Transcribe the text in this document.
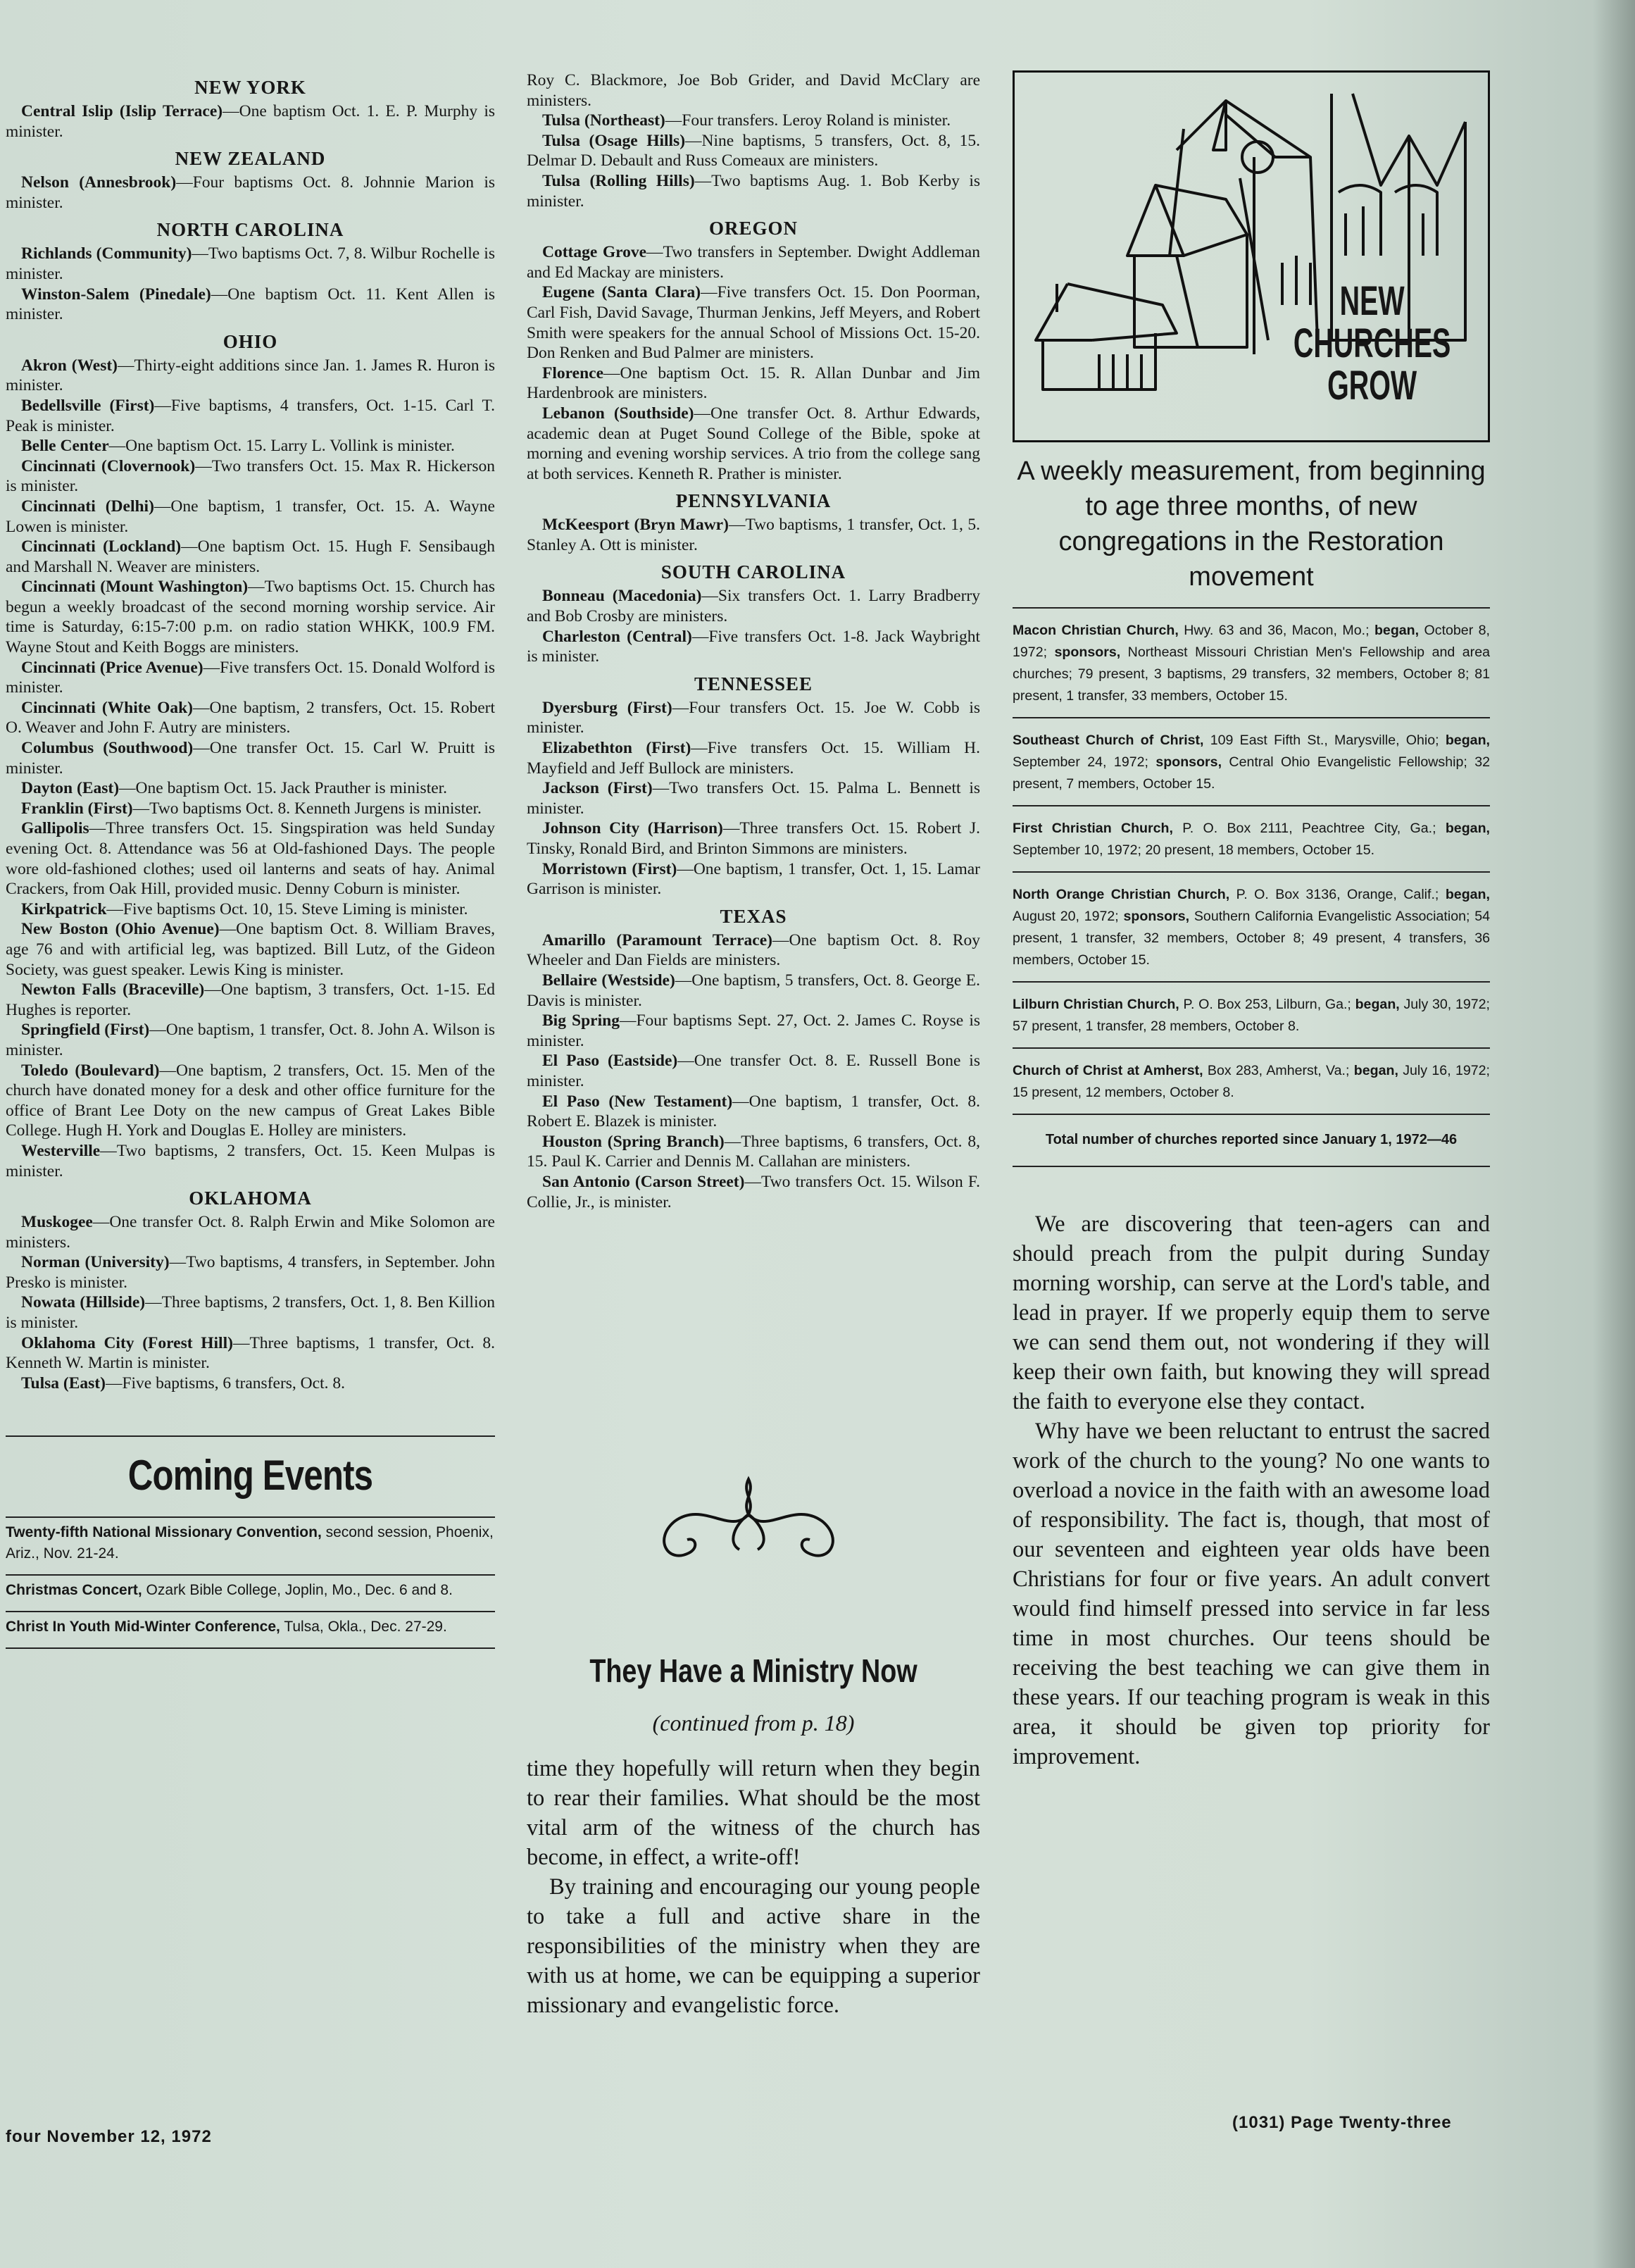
NEW YORK

Central Islip (Islip Terrace)—One baptism Oct. 1. E. P. Murphy is minister.

NEW ZEALAND

Nelson (Annesbrook)—Four baptisms Oct. 8. Johnnie Marion is minister.

NORTH CAROLINA

Richlands (Community)—Two baptisms Oct. 7, 8. Wilbur Rochelle is minister.

Winston-Salem (Pinedale)—One baptism Oct. 11. Kent Allen is minister.

OHIO

Akron (West)—Thirty-eight additions since Jan. 1. James R. Huron is minister.

Bedellsville (First)—Five baptisms, 4 transfers, Oct. 1-15. Carl T. Peak is minister.

Belle Center—One baptism Oct. 15. Larry L. Vollink is minister.

Cincinnati (Clovernook)—Two transfers Oct. 15. Max R. Hickerson is minister.

Cincinnati (Delhi)—One baptism, 1 transfer, Oct. 15. A. Wayne Lowen is minister.

Cincinnati (Lockland)—One baptism Oct. 15. Hugh F. Sensibaugh and Marshall N. Weaver are ministers.

Cincinnati (Mount Washington)—Two baptisms Oct. 15. Church has begun a weekly broadcast of the second morning worship service. Air time is Saturday, 6:15-7:00 p.m. on radio station WHKK, 100.9 FM. Wayne Stout and Keith Boggs are ministers.

Cincinnati (Price Avenue)—Five transfers Oct. 15. Donald Wolford is minister.

Cincinnati (White Oak)—One baptism, 2 transfers, Oct. 15. Robert O. Weaver and John F. Autry are ministers.

Columbus (Southwood)—One transfer Oct. 15. Carl W. Pruitt is minister.

Dayton (East)—One baptism Oct. 15. Jack Prauther is minister.

Franklin (First)—Two baptisms Oct. 8. Kenneth Jurgens is minister.

Gallipolis—Three transfers Oct. 15. Singspiration was held Sunday evening Oct. 8. Attendance was 56 at Old-fashioned Days. The people wore old-fashioned clothes; used oil lanterns and seats of hay. Animal Crackers, from Oak Hill, provided music. Denny Coburn is minister.

Kirkpatrick—Five baptisms Oct. 10, 15. Steve Liming is minister.

New Boston (Ohio Avenue)—One baptism Oct. 8. William Braves, age 76 and with artificial leg, was baptized. Bill Lutz, of the Gideon Society, was guest speaker. Lewis King is minister.

Newton Falls (Braceville)—One baptism, 3 transfers, Oct. 1-15. Ed Hughes is reporter.

Springfield (First)—One baptism, 1 transfer, Oct. 8. John A. Wilson is minister.

Toledo (Boulevard)—One baptism, 2 transfers, Oct. 15. Men of the church have donated money for a desk and other office furniture for the office of Brant Lee Doty on the new campus of Great Lakes Bible College. Hugh H. York and Douglas E. Holley are ministers.

Westerville—Two baptisms, 2 transfers, Oct. 15. Keen Mulpas is minister.

OKLAHOMA

Muskogee—One transfer Oct. 8. Ralph Erwin and Mike Solomon are ministers.

Norman (University)—Two baptisms, 4 transfers, in September. John Presko is minister.

Nowata (Hillside)—Three baptisms, 2 transfers, Oct. 1, 8. Ben Killion is minister.

Oklahoma City (Forest Hill)—Three baptisms, 1 transfer, Oct. 8. Kenneth W. Martin is minister.

Tulsa (East)—Five baptisms, 6 transfers, Oct. 8.

Coming Events

Twenty-fifth National Missionary Convention, second session, Phoenix, Ariz., Nov. 21-24.

Christmas Concert, Ozark Bible College, Joplin, Mo., Dec. 6 and 8.

Christ In Youth Mid-Winter Conference, Tulsa, Okla., Dec. 27-29.

Roy C. Blackmore, Joe Bob Grider, and David McClary are ministers.

Tulsa (Northeast)—Four transfers. Leroy Roland is minister.

Tulsa (Osage Hills)—Nine baptisms, 5 transfers, Oct. 8, 15. Delmar D. Debault and Russ Comeaux are ministers.

Tulsa (Rolling Hills)—Two baptisms Aug. 1. Bob Kerby is minister.

OREGON

Cottage Grove—Two transfers in September. Dwight Addleman and Ed Mackay are ministers.

Eugene (Santa Clara)—Five transfers Oct. 15. Don Poorman, Carl Fish, David Savage, Thurman Jenkins, Jeff Meyers, and Robert Smith were speakers for the annual School of Missions Oct. 15-20. Don Renken and Bud Palmer are ministers.

Florence—One baptism Oct. 15. R. Allan Dunbar and Jim Hardenbrook are ministers.

Lebanon (Southside)—One transfer Oct. 8. Arthur Edwards, academic dean at Puget Sound College of the Bible, spoke at morning and evening worship services. A trio from the college sang at both services. Kenneth R. Prather is minister.

PENNSYLVANIA

McKeesport (Bryn Mawr)—Two baptisms, 1 transfer, Oct. 1, 5. Stanley A. Ott is minister.

SOUTH CAROLINA

Bonneau (Macedonia)—Six transfers Oct. 1. Larry Bradberry and Bob Crosby are ministers.

Charleston (Central)—Five transfers Oct. 1-8. Jack Waybright is minister.

TENNESSEE

Dyersburg (First)—Four transfers Oct. 15. Joe W. Cobb is minister.

Elizabethton (First)—Five transfers Oct. 15. William H. Mayfield and Jeff Bullock are ministers.

Jackson (First)—Two transfers Oct. 15. Palma L. Bennett is minister.

Johnson City (Harrison)—Three transfers Oct. 15. Robert J. Tinsky, Ronald Bird, and Brinton Simmons are ministers.

Morristown (First)—One baptism, 1 transfer, Oct. 1, 15. Lamar Garrison is minister.

TEXAS

Amarillo (Paramount Terrace)—One baptism Oct. 8. Roy Wheeler and Dan Fields are ministers.

Bellaire (Westside)—One baptism, 5 transfers, Oct. 8. George E. Davis is minister.

Big Spring—Four baptisms Sept. 27, Oct. 2. James C. Royse is minister.

El Paso (Eastside)—One transfer Oct. 8. E. Russell Bone is minister.

El Paso (New Testament)—One baptism, 1 transfer, Oct. 8. Robert E. Blazek is minister.

Houston (Spring Branch)—Three baptisms, 6 transfers, Oct. 8, 15. Paul K. Carrier and Dennis M. Callahan are ministers.

San Antonio (Carson Street)—Two transfers Oct. 15. Wilson F. Collie, Jr., is minister.

They Have a Ministry Now
(continued from p. 18)

time they hopefully will return when they begin to rear their families. What should be the most vital arm of the witness of the church has become, in effect, a write-off!

By training and encouraging our young people to take a full and active share in the responsibilities of the ministry when they are with us at home, we can be equipping a superior missionary and evangelistic force.

NEW CHURCHES GROW
A weekly measurement, from beginning to age three months, of new congregations in the Restoration movement

Macon Christian Church, Hwy. 63 and 36, Macon, Mo.; began, October 8, 1972; sponsors, Northeast Missouri Christian Men's Fellowship and area churches; 79 present, 3 baptisms, 29 transfers, 32 members, October 8; 81 present, 1 transfer, 33 members, October 15.

Southeast Church of Christ, 109 East Fifth St., Marysville, Ohio; began, September 24, 1972; sponsors, Central Ohio Evangelistic Fellowship; 32 present, 7 members, October 15.

First Christian Church, P. O. Box 2111, Peachtree City, Ga.; began, September 10, 1972; 20 present, 18 members, October 15.

North Orange Christian Church, P. O. Box 3136, Orange, Calif.; began, August 20, 1972; sponsors, Southern California Evangelistic Association; 54 present, 1 transfer, 32 members, October 8; 49 present, 4 transfers, 36 members, October 15.

Lilburn Christian Church, P. O. Box 253, Lilburn, Ga.; began, July 30, 1972; 57 present, 1 transfer, 28 members, October 8.

Church of Christ at Amherst, Box 283, Amherst, Va.; began, July 16, 1972; 15 present, 12 members, October 8.

Total number of churches reported since January 1, 1972—46

We are discovering that teen-agers can and should preach from the pulpit during Sunday morning worship, can serve at the Lord's table, and lead in prayer. If we properly equip them to serve we can send them out, not wondering if they will keep their own faith, but knowing they will spread the faith to everyone else they contact.

Why have we been reluctant to entrust the sacred work of the church to the young? No one wants to overload a novice in the faith with an awesome load of responsibility. The fact is, though, that most of our seventeen and eighteen year olds have been Christians for four or five years. An adult convert would find himself pressed into service in far less time in most churches. Our teens should be receiving the best teaching we can give them in these years. If our teaching program is weak in this area, it should be given top priority for improvement.

four November 12, 1972
(1031) Page Twenty-three
